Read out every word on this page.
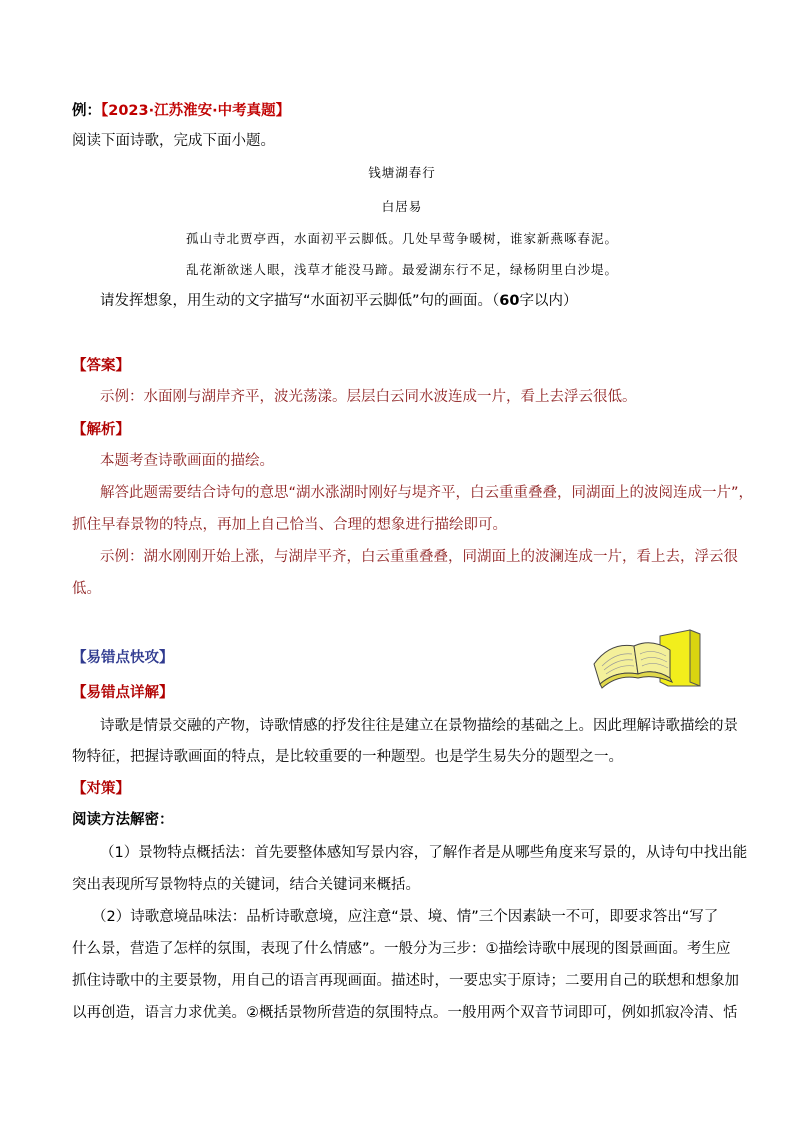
例：【2023·江苏淮安·中考真题】
阅读下面诗歌，完成下面小题。
钱塘湖春行
白居易
孤山寺北贾亭西，水面初平云脚低。几处早莺争暖树，谁家新燕啄春泥。
乱花渐欲迷人眼，浅草才能没马蹄。最爱湖东行不足，绿杨阴里白沙堤。
请发挥想象，用生动的文字描写“水面初平云脚低”句的画面。（60字以内）
【答案】
示例：水面刚与湖岸齐平，波光荡漾。层层白云同水波连成一片，看上去浮云很低。
【解析】
本题考查诗歌画面的描绘。
解答此题需要结合诗句的意思“湖水涨湖时刚好与堤齐平，白云重重叠叠，同湖面上的波阅连成一片”，
抓住早春景物的特点，再加上自己恰当、合理的想象进行描绘即可。
示例：湖水刚刚开始上涨，与湖岸平齐，白云重重叠叠，同湖面上的波澜连成一片，看上去，浮云很
低。
【易错点快攻】
【易错点详解】
诗歌是情景交融的产物，诗歌情感的抒发往往是建立在景物描绘的基础之上。因此理解诗歌描绘的景
物特征，把握诗歌画面的特点，是比较重要的一种题型。也是学生易失分的题型之一。
【对策】
阅读方法解密：
（1）景物特点概括法：首先要整体感知写景内容，了解作者是从哪些角度来写景的，从诗句中找出能
突出表现所写景物特点的关键词，结合关键词来概括。
（2）诗歌意境品味法：品析诗歌意境，应注意“景、境、情”三个因素缺一不可，即要求答出“写了
什么景，营造了怎样的氛围，表现了什么情感”。一般分为三步：①描绘诗歌中展现的图景画面。考生应
抓住诗歌中的主要景物，用自己的语言再现画面。描述时，一要忠实于原诗；二要用自己的联想和想象加
以再创造，语言力求优美。②概括景物所营造的氛围特点。一般用两个双音节词即可，例如抓寂冷清、恬
